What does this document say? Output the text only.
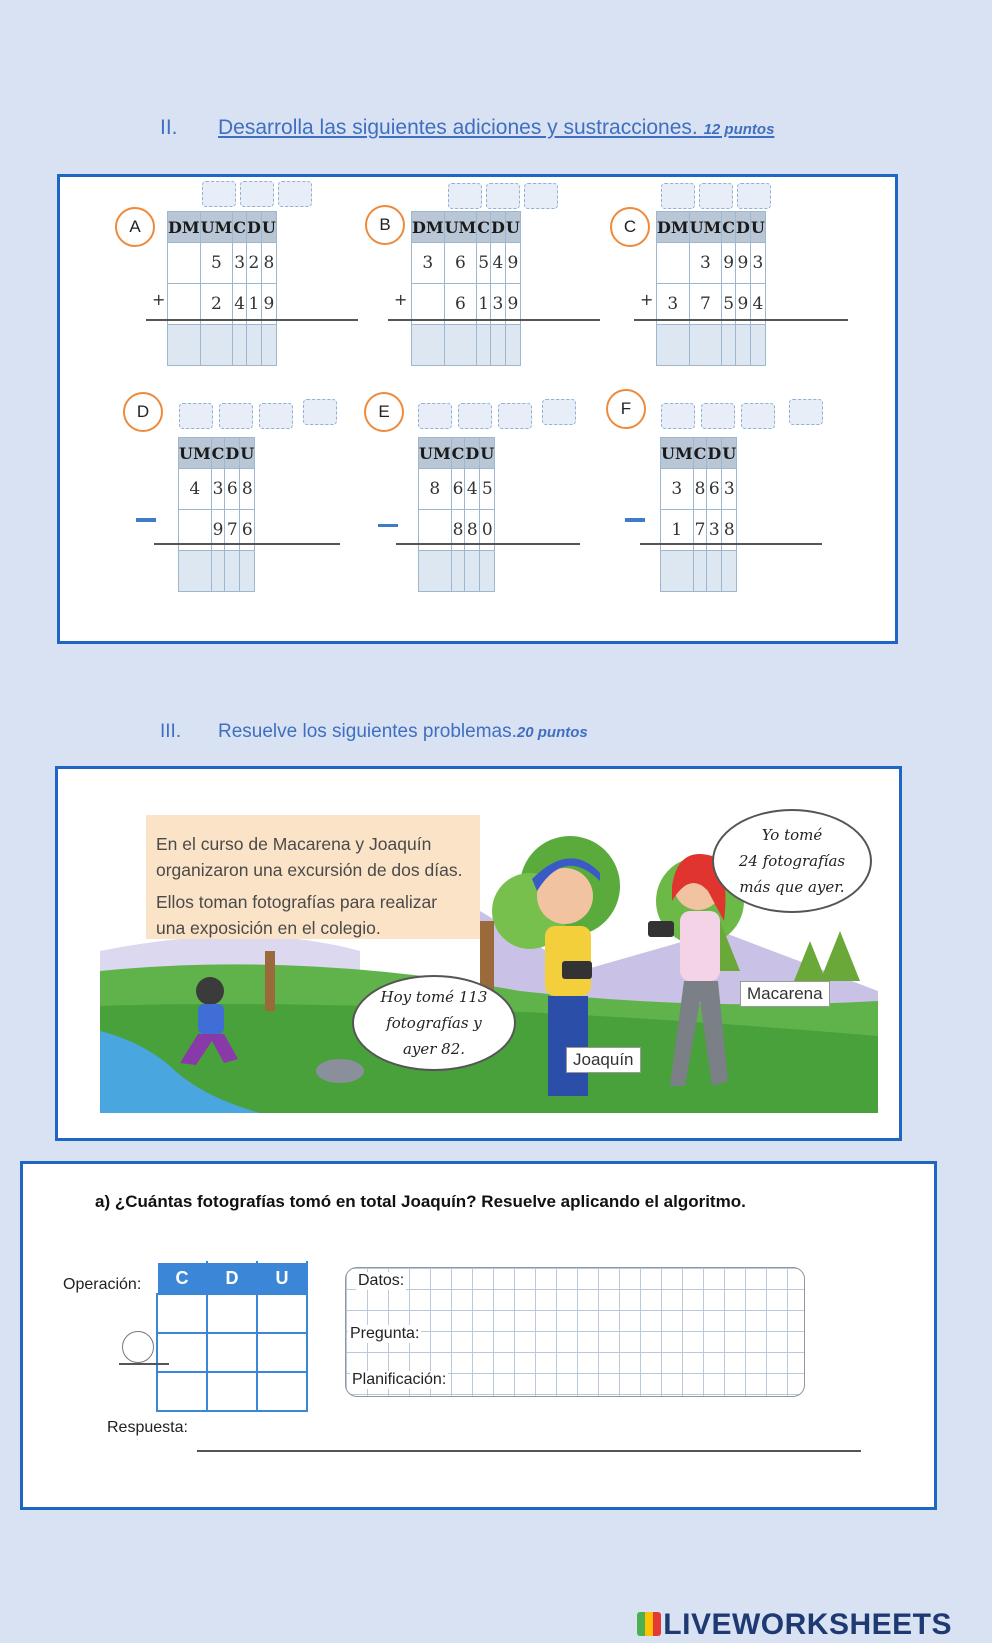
II. Desarrolla las siguientes adiciones y sustracciones. 12 puntos
A	DM	UM	C	D	U
	5	3	2	8
	2	4	1	9

+
B	DM	UM	C	D	U
3	6	5	4	9
	6	1	3	9

+
C	DM	UM	C	D	U
	3	9	9	3
3	7	5	9	4

+
D
UM	C	D	U
4	3	6	8
	9	7	6

E
UM	C	D	U
8	6	4	5
	8	8	0

F
UM	C	D	U
3	8	6	3
1	7	3	8

III. Resuelve los siguientes problemas.20 puntos
En el curso de Macarena y Joaquín
organizaron una excursión de dos días.
Ellos toman fotografías para realizar
una exposición en el colegio.
Hoy tomé 113
fotografías y
ayer 82.
Yo tomé
24 fotografías
más que ayer.
Joaquín
Macarena
a) ¿Cuántas fotografías tomó en total Joaquín? Resuelve aplicando el algoritmo.
Operación: C	D	U

			Datos:
Pregunta:
Planificación:
Respuesta:
LIVEWORKSHEETS
